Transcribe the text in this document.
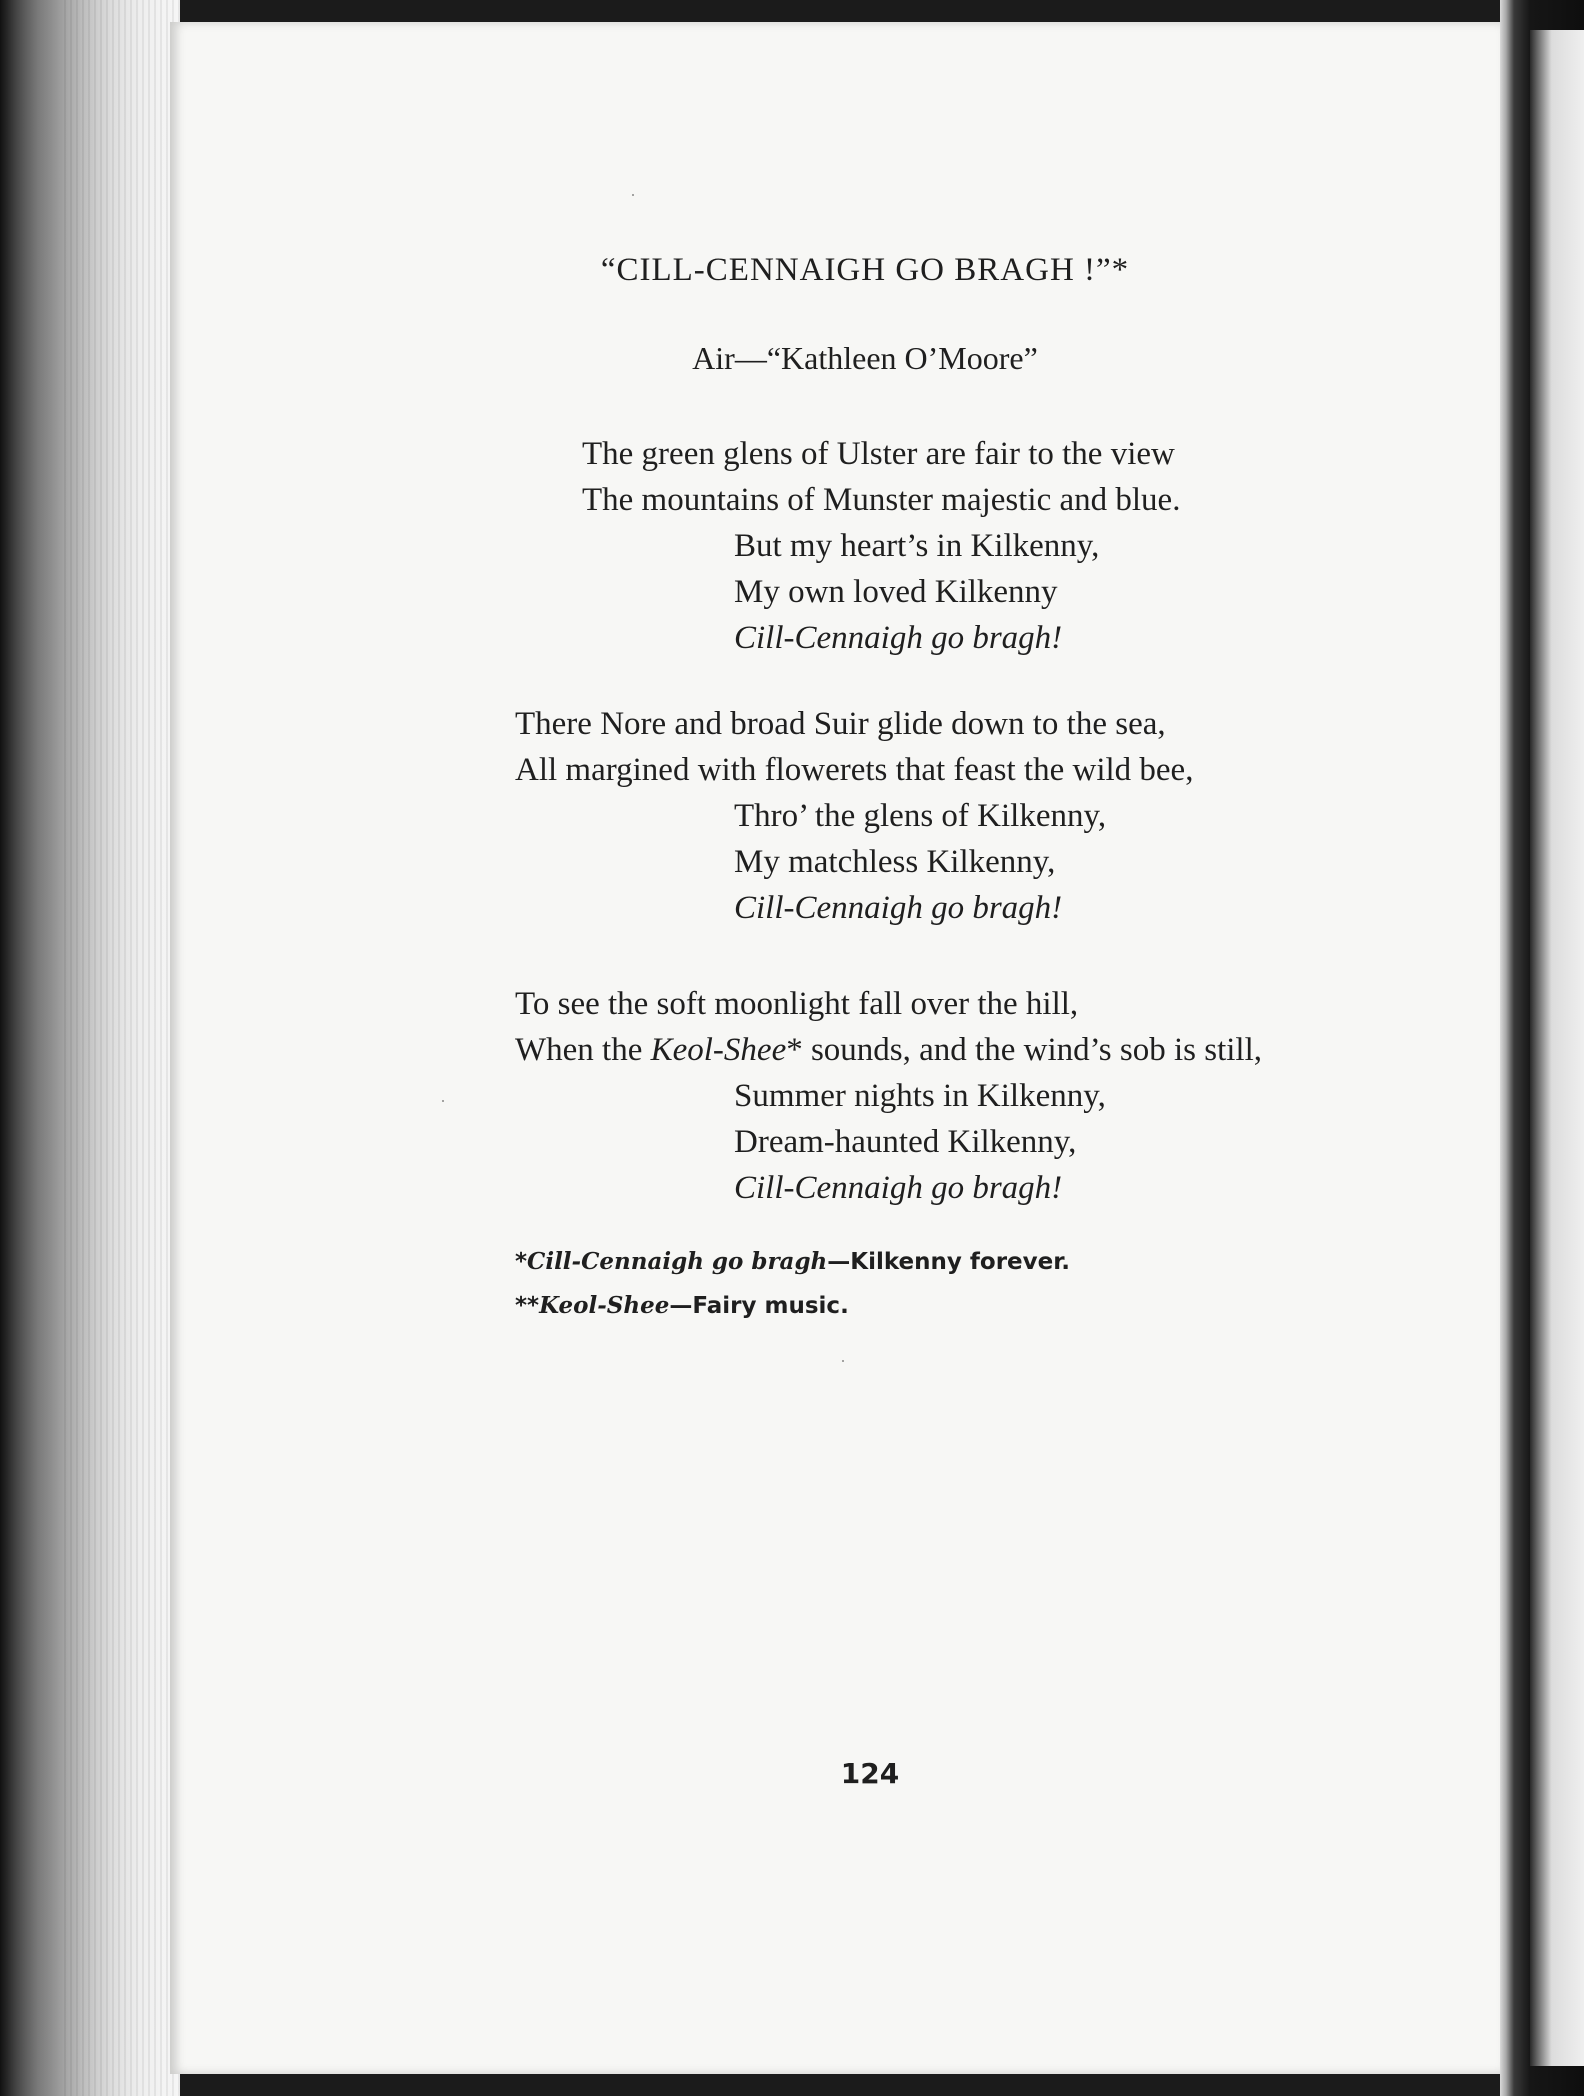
“CILL-CENNAIGH GO BRAGH !”*
Air—“Kathleen O’Moore”
The green glens of Ulster are fair to the view
The mountains of Munster majestic and blue.
But my heart’s in Kilkenny,
My own loved Kilkenny
Cill-Cennaigh go bragh!
There Nore and broad Suir glide down to the sea,
All margined with flowerets that feast the wild bee,
Thro’ the glens of Kilkenny,
My matchless Kilkenny,
Cill-Cennaigh go bragh!
To see the soft moonlight fall over the hill,
When the Keol-Shee* sounds, and the wind’s sob is still,
Summer nights in Kilkenny,
Dream-haunted Kilkenny,
Cill-Cennaigh go bragh!
*Cill-Cennaigh go bragh—Kilkenny forever.
**Keol-Shee—Fairy music.
124
